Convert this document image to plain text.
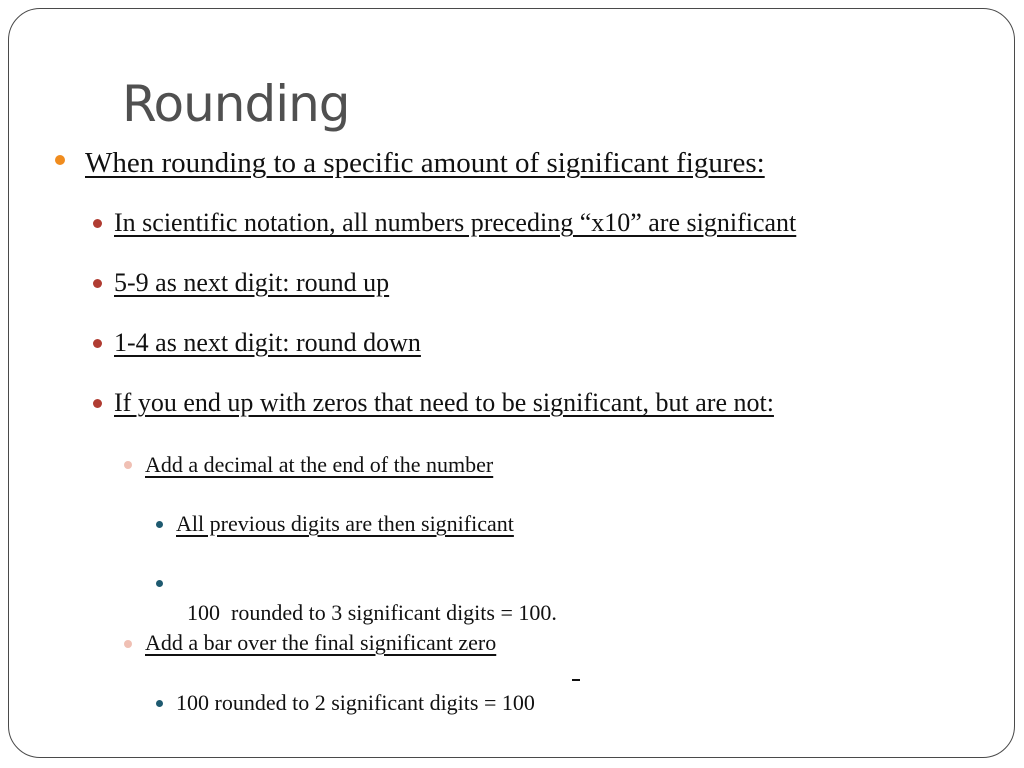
Rounding
When rounding to a specific amount of significant figures:
In scientific notation, all numbers preceding “x10” are significant
5-9 as next digit: round up
1-4 as next digit: round down
If you end up with zeros that need to be significant, but are not:
Add a decimal at the end of the number
All previous digits are then significant

100  rounded to 3 significant digits = 100.

Add a bar over the final significant zero
100 rounded to 2 significant digits = 100
